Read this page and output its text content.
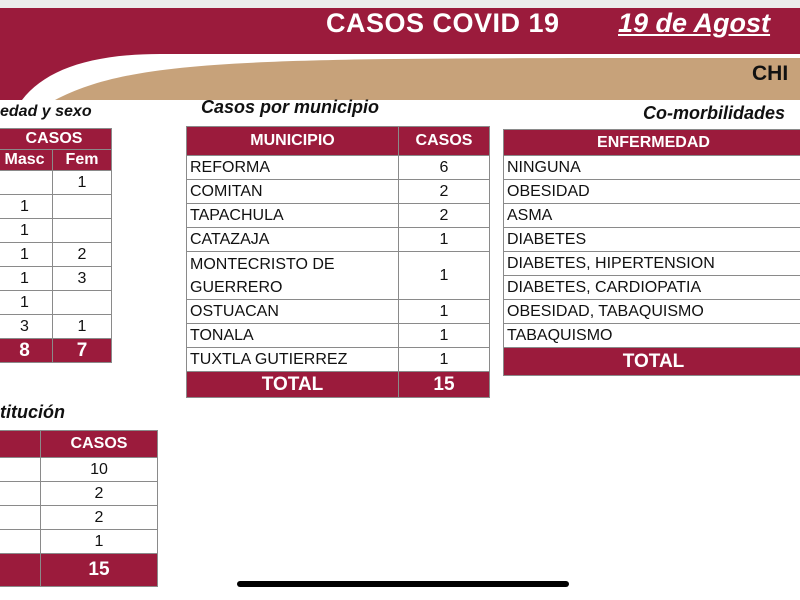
CASOS COVID 19 19 de Agost
CHI
edad y sexo
CASOS	
Masc	Fem
	1
1	
1	
1	2
1	3
1	
3	1
8	7
titución
	CASOS
	10
	2
	2
	1
	15
Casos por municipio
MUNICIPIO	CASOS
REFORMA	6
COMITAN	2
TAPACHULA	2
CATAZAJA	1
MONTECRISTO DE GUERRERO	1
OSTUACAN	1
TONALA	1
TUXTLA GUTIERREZ	1
TOTAL	15
Co-morbilidades
ENFERMEDAD
NINGUNA
OBESIDAD
ASMA
DIABETES
DIABETES, HIPERTENSION
DIABETES, CARDIOPATIA
OBESIDAD, TABAQUISMO
TABAQUISMO
TOTAL
